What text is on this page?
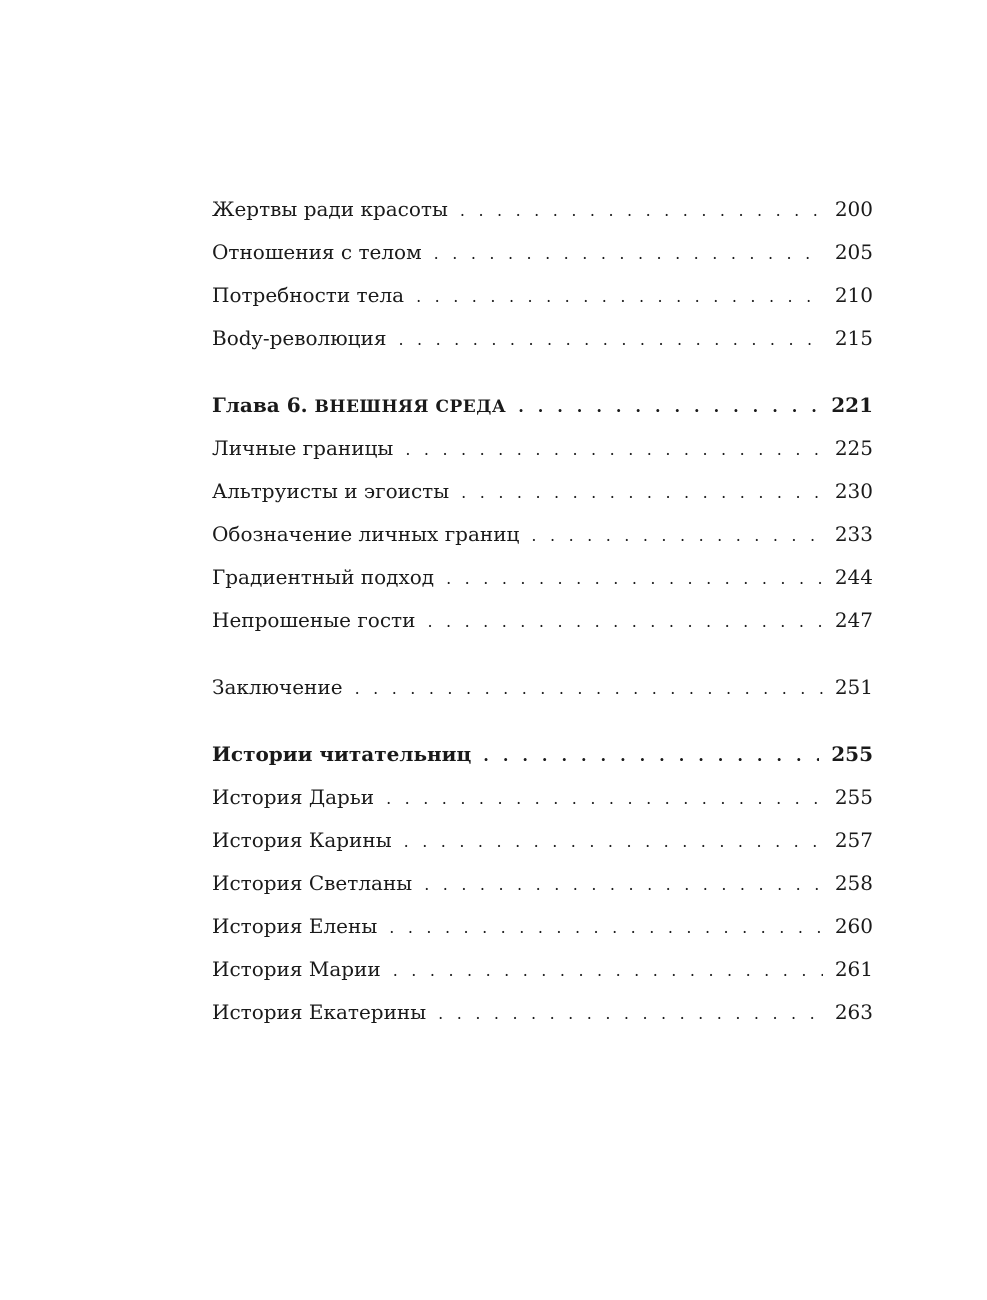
Жертвы ради красоты . . .	200
Отношения с телом . . .	205
Потребности тела . . .	210
Body-революция . . .	215
Глава 6. ВНЕШНЯЯ СРЕДА . . .	221
Личные границы . . .	225
Альтруисты и эгоисты . . .	230
Обозначение личных границ . . .	233
Градиентный подход . . .	244
Непрошеные гости . . .	247
Заключение . . .	251
Истории читательниц . . .	255
История Дарьи . . .	255
История Карины . . .	257
История Светланы . . .	258
История Елены . . .	260
История Марии . . .	261
История Екатерины . . .	263
